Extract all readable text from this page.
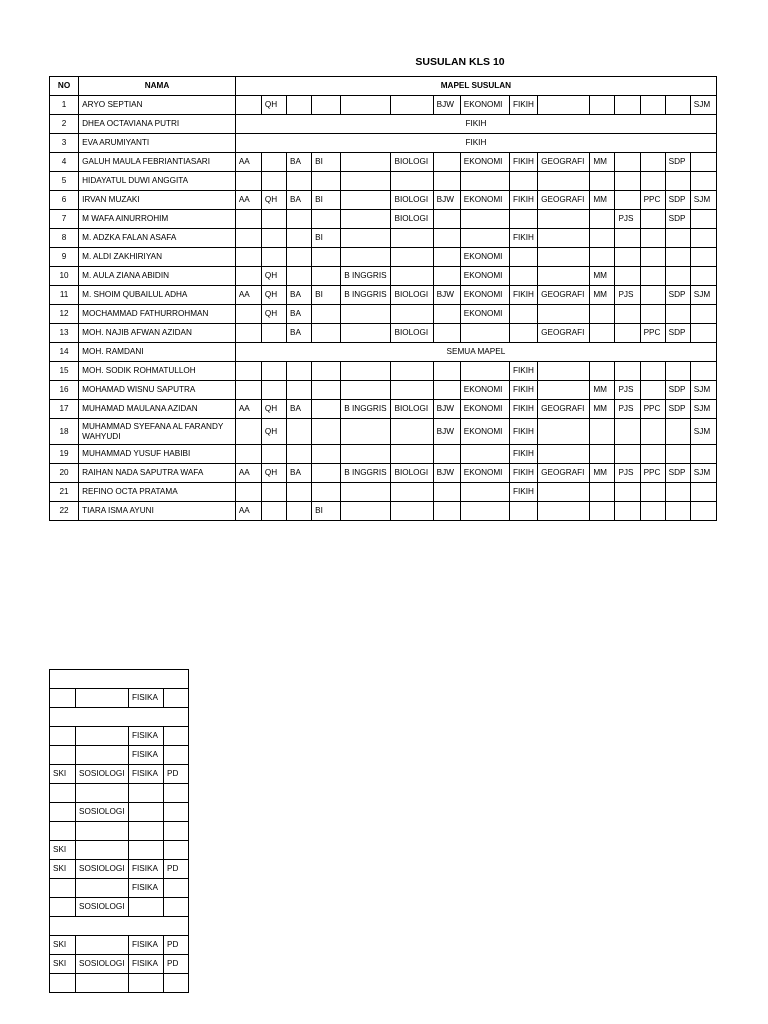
SUSULAN KLS 10
NO	NAMA	MAPEL SUSULAN														
1	ARYO SEPTIAN		QH					BJW	EKONOMI	FIKIH						SJM
2	DHEA OCTAVIANA PUTRI	FIKIH														
3	EVA ARUMIYANTI	FIKIH														
4	GALUH MAULA FEBRIANTIASARI	AA		BA	BI		BIOLOGI		EKONOMI	FIKIH	GEOGRAFI	MM			SDP	
5	HIDAYATUL DUWI ANGGITA															
6	IRVAN MUZAKI	AA	QH	BA	BI		BIOLOGI	BJW	EKONOMI	FIKIH	GEOGRAFI	MM		PPC	SDP	SJM
7	M WAFA AINURROHIM						BIOLOGI						PJS		SDP	
8	M. ADZKA FALAN ASAFA				BI					FIKIH						
9	M. ALDI ZAKHIRIYAN								EKONOMI							
10	M. AULA ZIANA ABIDIN		QH			B INGGRIS			EKONOMI			MM				
11	M. SHOIM QUBAILUL ADHA	AA	QH	BA	BI	B INGGRIS	BIOLOGI	BJW	EKONOMI	FIKIH	GEOGRAFI	MM	PJS		SDP	SJM
12	MOCHAMMAD FATHURROHMAN		QH	BA					EKONOMI							
13	MOH. NAJIB AFWAN AZIDAN			BA			BIOLOGI				GEOGRAFI			PPC	SDP	
14	MOH. RAMDANI	SEMUA MAPEL														
15	MOH. SODIK ROHMATULLOH									FIKIH						
16	MOHAMAD WISNU SAPUTRA								EKONOMI	FIKIH		MM	PJS		SDP	SJM
17	MUHAMAD MAULANA AZIDAN	AA	QH	BA		B INGGRIS	BIOLOGI	BJW	EKONOMI	FIKIH	GEOGRAFI	MM	PJS	PPC	SDP	SJM
18	MUHAMMAD SYEFANA AL FARANDY WAHYUDI		QH					BJW	EKONOMI	FIKIH						SJM
19	MUHAMMAD YUSUF HABIBI									FIKIH						
20	RAIHAN NADA SAPUTRA WAFA	AA	QH	BA		B INGGRIS	BIOLOGI	BJW	EKONOMI	FIKIH	GEOGRAFI	MM	PJS	PPC	SDP	SJM
21	REFINO OCTA PRATAMA									FIKIH						
22	TIARA ISMA AYUNI	AA			BI											

		FISIKA	

		FISIKA	
		FISIKA	
SKI	SOSIOLOGI	FISIKA	PD

	SOSIOLOGI		

SKI			
SKI	SOSIOLOGI	FISIKA	PD
		FISIKA	
	SOSIOLOGI		

SKI		FISIKA	PD
SKI	SOSIOLOGI	FISIKA	PD
